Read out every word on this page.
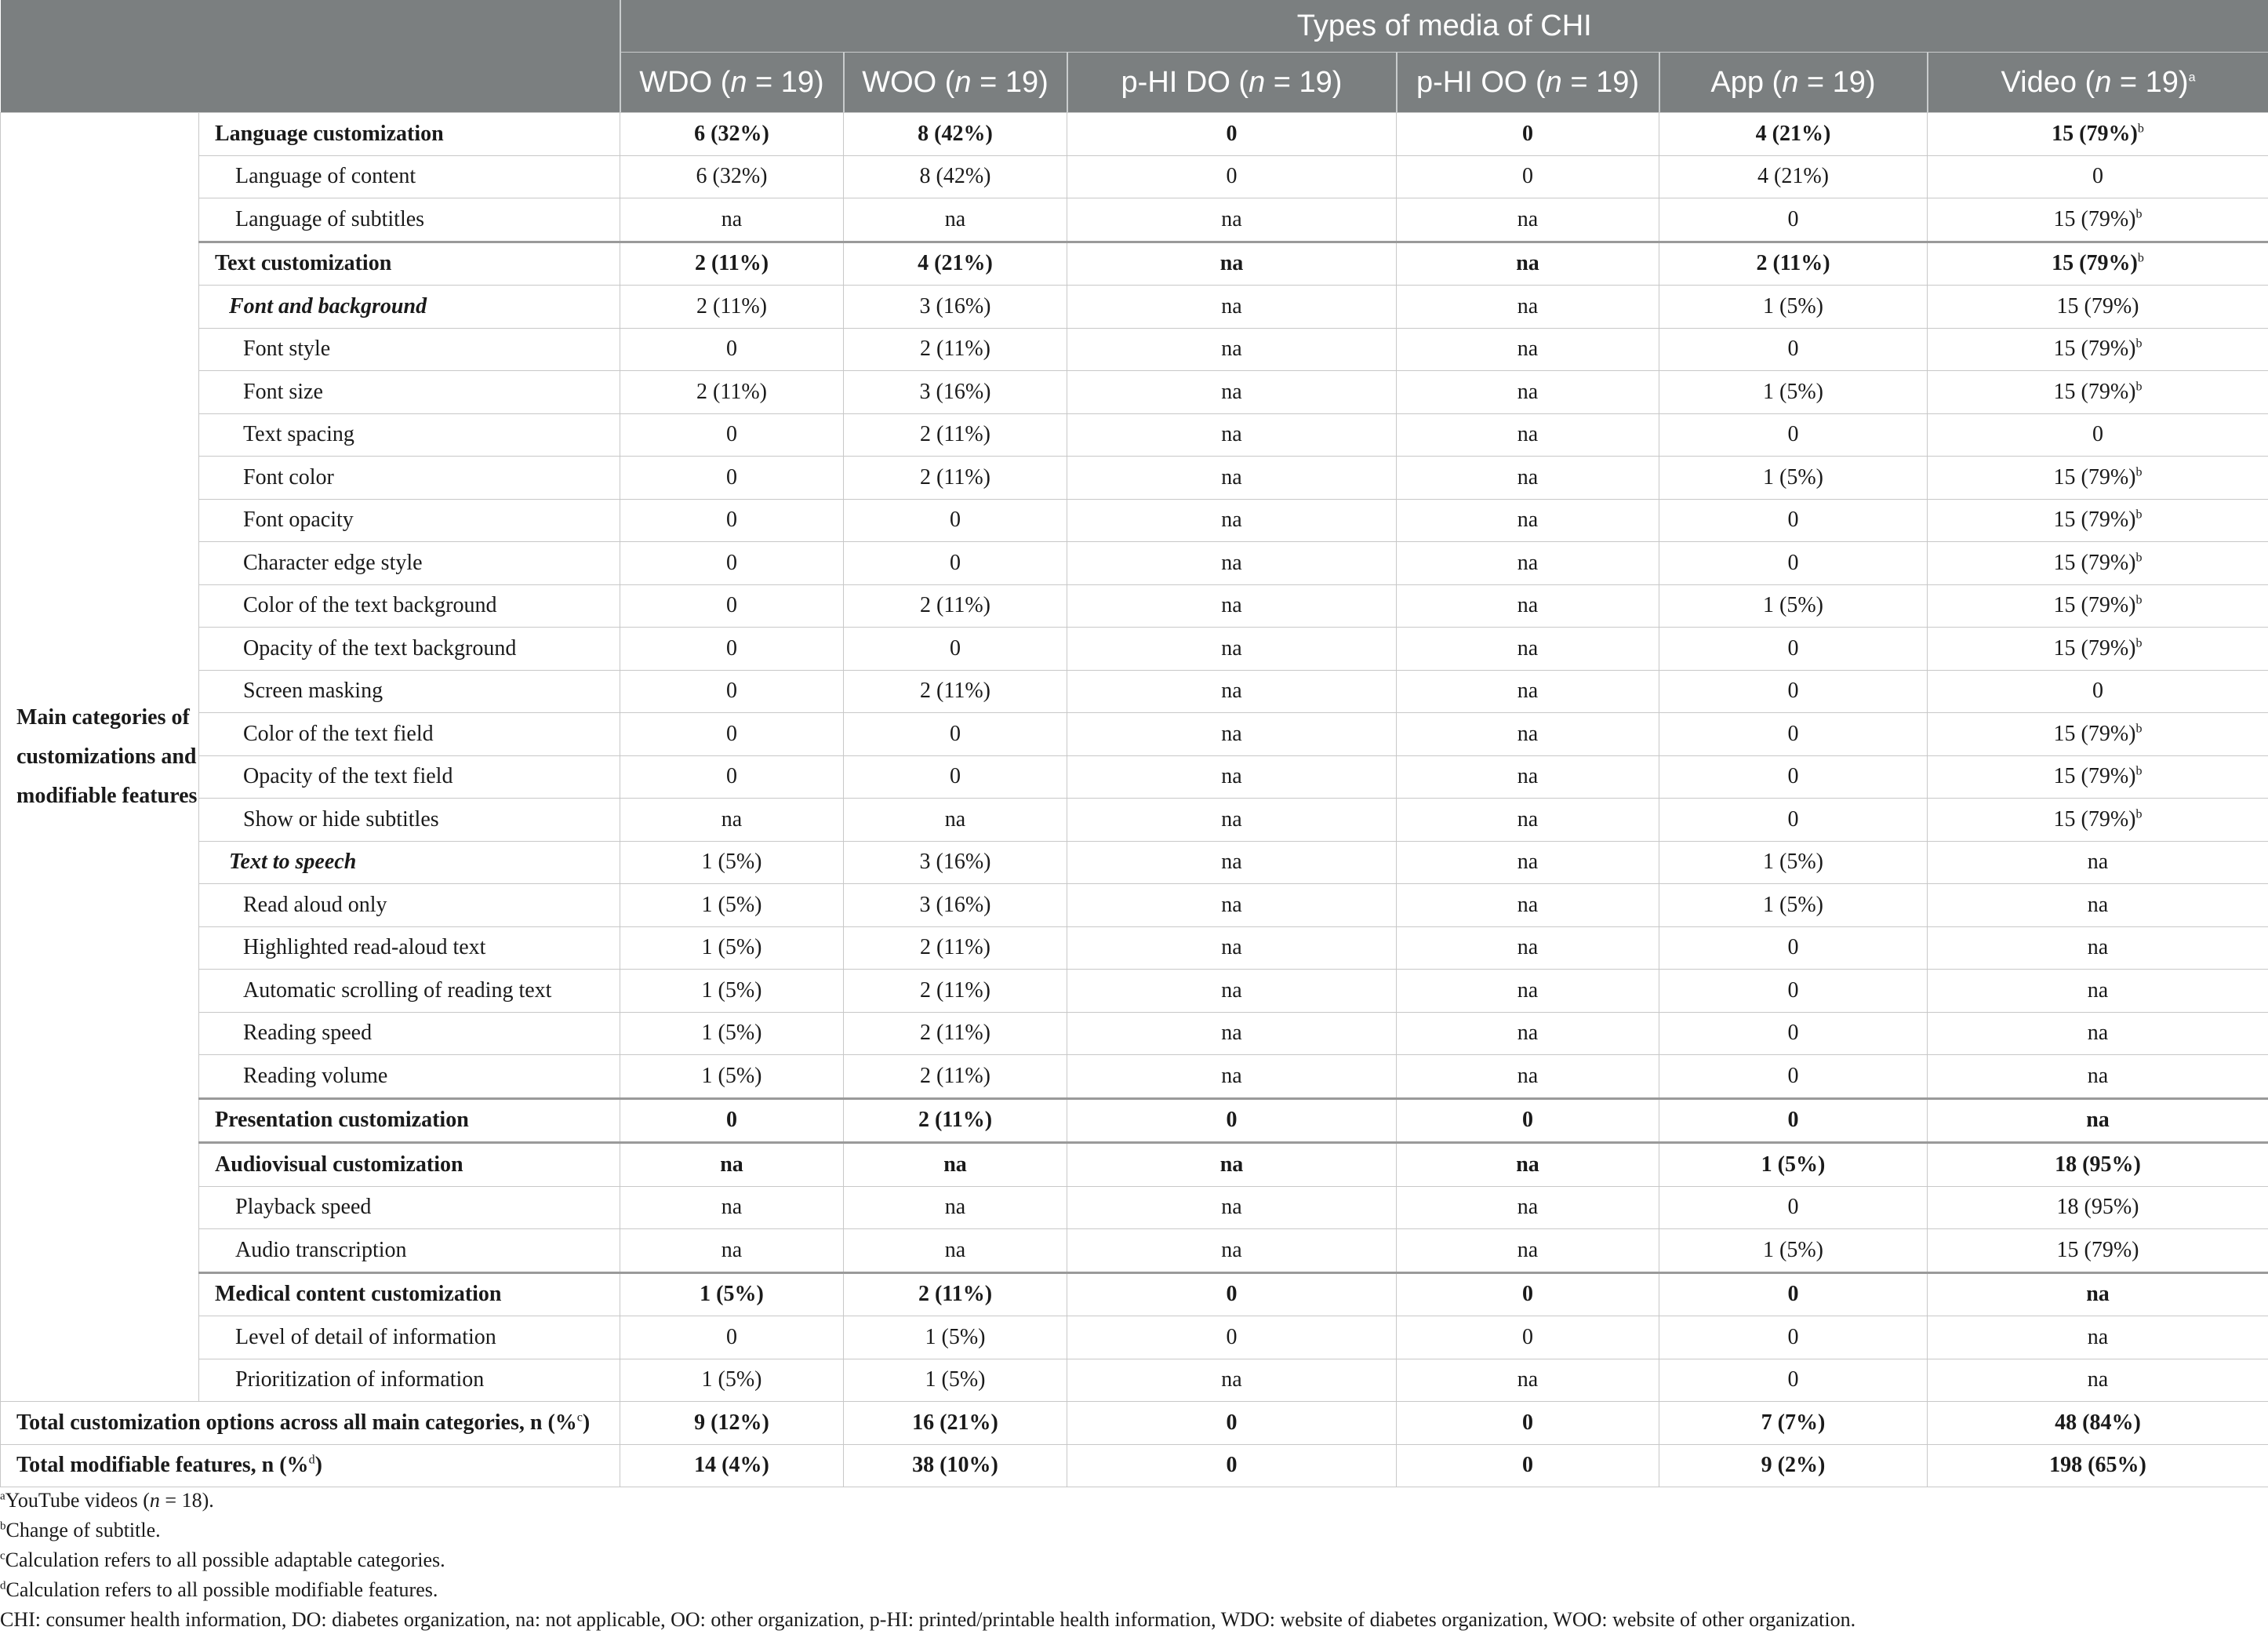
		Types of media of CHI					
		WDO (n = 19)	WOO (n = 19)	p-HI DO (n = 19)	p-HI OO (n = 19)	App (n = 19)	Video (n = 19)$^a$
Main categories of customizations and modifiable features	Language customization	6 (32%)	8 (42%)	0	0	4 (21%)	15 $(79\%)^b$
	Language of content	6 (32%)	8 (42%)	0	0	4 (21%)	0
	Language of subtitles	na	na	na	na	0	15 $(79\%)^b$
	Text customization	2 (11%)	4 (21%)	na	na	2 (11%)	15 $(79\%)^b$
	Font and background	2 (11%)	3 (16%)	na	na	1 (5%)	15 (79%)
	Font style	0	2 (11%)	na	na	0	15 $(79\%)^b$
	Font size	2 (11%)	3 (16%)	na	na	1 (5%)	15 $(79\%)^b$
	Text spacing	0	2 (11%)	na	na	0	0
	Font color	0	2 (11%)	na	na	1 (5%)	15 $(79\%)^b$
	Font opacity	0	0	na	na	0	15 $(79\%)^b$
	Character edge style	0	0	na	na	0	15 $(79\%)^b$
	Color of the text background	0	2 (11%)	na	na	1 (5%)	15 $(79\%)^b$
	Opacity of the text background	0	0	na	na	0	15 $(79\%)^b$
	Screen masking	0	2 (11%)	na	na	0	0
	Color of the text field	0	0	na	na	0	15 $(79\%)^b$
	Opacity of the text field	0	0	na	na	0	15 $(79\%)^b$
	Show or hide subtitles	na	na	na	na	0	15 $(79\%)^b$
	Text to speech	1 (5%)	3 (16%)	na	na	1 (5%)	na
	Read aloud only	1 (5%)	3 (16%)	na	na	1 (5%)	na
	Highlighted read-aloud text	1 (5%)	2 (11%)	na	na	0	na
	Automatic scrolling of reading text	1 (5%)	2 (11%)	na	na	0	na
	Reading speed	1 (5%)	2 (11%)	na	na	0	na
	Reading volume	1 (5%)	2 (11%)	na	na	0	na
	Presentation customization	0	2 (11%)	0	0	0	na
	Audiovisual customization	na	na	na	na	1 (5%)	18 (95%)
	Playback speed	na	na	na	na	0	18 (95%)
	Audio transcription	na	na	na	na	1 (5%)	15 (79%)
	Medical content customization	1 (5%)	2 (11%)	0	0	0	na
	Level of detail of information	0	1 (5%)	0	0	0	na
	Prioritization of information	1 (5%)	1 (5%)	na	na	0	na
Total customization options across all main categories, n (%$^c$)		9 (12%)	16 (21%)	0	0	7 (7%)	48 (84%)
Total modifiable features, n (%$^d$)		14 (4%)	38 (10%)	0	0	9 (2%)	198 (65%)
$^a$YouTube videos (n = 18).
$^b$Change of subtitle.
$^c$Calculation refers to all possible adaptable categories.
$^d$Calculation refers to all possible modifiable features.
CHI: consumer health information, DO: diabetes organization, na: not applicable, OO: other organization, p-HI: printed/printable health information, WDO: website of diabetes organization, WOO: website of other organization.
